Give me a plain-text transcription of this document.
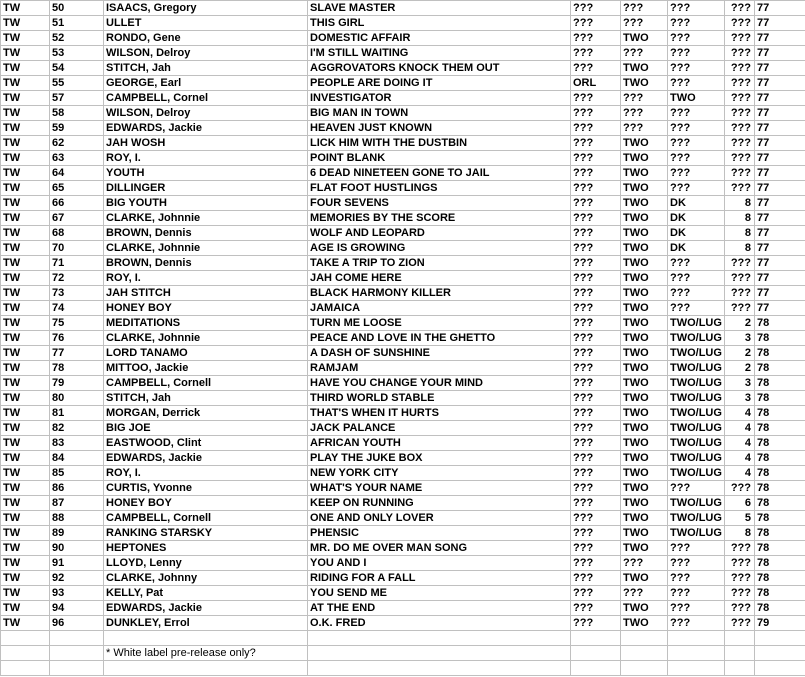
TW	50	ISAACS, Gregory	SLAVE MASTER	???	???	???	???	77
TW	51	ULLET	THIS GIRL	???	???	???	???	77
TW	52	RONDO, Gene	DOMESTIC AFFAIR	???	TWO	???	???	77
TW	53	WILSON, Delroy	I'M STILL WAITING	???	???	???	???	77
TW	54	STITCH, Jah	AGGROVATORS KNOCK THEM OUT	???	TWO	???	???	77
TW	55	GEORGE, Earl	PEOPLE ARE DOING IT	ORL	TWO	???	???	77
TW	57	CAMPBELL, Cornel	INVESTIGATOR	???	???	TWO	???	77
TW	58	WILSON, Delroy	BIG MAN IN TOWN	???	???	???	???	77
TW	59	EDWARDS, Jackie	HEAVEN JUST KNOWN	???	???	???	???	77
TW	62	JAH WOSH	LICK HIM WITH THE DUSTBIN	???	TWO	???	???	77
TW	63	ROY, I.	POINT BLANK	???	TWO	???	???	77
TW	64	YOUTH	6 DEAD NINETEEN GONE TO JAIL	???	TWO	???	???	77
TW	65	DILLINGER	FLAT FOOT HUSTLINGS	???	TWO	???	???	77
TW	66	BIG YOUTH	FOUR SEVENS	???	TWO	DK	8	77
TW	67	CLARKE, Johnnie	MEMORIES BY THE SCORE	???	TWO	DK	8	77
TW	68	BROWN, Dennis	WOLF AND LEOPARD	???	TWO	DK	8	77
TW	70	CLARKE, Johnnie	AGE IS GROWING	???	TWO	DK	8	77
TW	71	BROWN, Dennis	TAKE A TRIP TO ZION	???	TWO	???	???	77
TW	72	ROY, I.	JAH COME HERE	???	TWO	???	???	77
TW	73	JAH STITCH	BLACK HARMONY KILLER	???	TWO	???	???	77
TW	74	HONEY BOY	JAMAICA	???	TWO	???	???	77
TW	75	MEDITATIONS	TURN ME LOOSE	???	TWO	TWO/LUG	2	78
TW	76	CLARKE, Johnnie	PEACE AND LOVE IN THE GHETTO	???	TWO	TWO/LUG	3	78
TW	77	LORD TANAMO	A DASH OF SUNSHINE	???	TWO	TWO/LUG	2	78
TW	78	MITTOO, Jackie	RAMJAM	???	TWO	TWO/LUG	2	78
TW	79	CAMPBELL, Cornell	HAVE YOU CHANGE YOUR MIND	???	TWO	TWO/LUG	3	78
TW	80	STITCH, Jah	THIRD WORLD STABLE	???	TWO	TWO/LUG	3	78
TW	81	MORGAN, Derrick	THAT'S WHEN IT HURTS	???	TWO	TWO/LUG	4	78
TW	82	BIG JOE	JACK PALANCE	???	TWO	TWO/LUG	4	78
TW	83	EASTWOOD, Clint	AFRICAN YOUTH	???	TWO	TWO/LUG	4	78
TW	84	EDWARDS, Jackie	PLAY THE JUKE BOX	???	TWO	TWO/LUG	4	78
TW	85	ROY, I.	NEW YORK CITY	???	TWO	TWO/LUG	4	78
TW	86	CURTIS, Yvonne	WHAT'S YOUR NAME	???	TWO	???	???	78
TW	87	HONEY BOY	KEEP ON RUNNING	???	TWO	TWO/LUG	6	78
TW	88	CAMPBELL, Cornell	ONE AND ONLY LOVER	???	TWO	TWO/LUG	5	78
TW	89	RANKING STARSKY	PHENSIC	???	TWO	TWO/LUG	8	78
TW	90	HEPTONES	MR. DO ME OVER MAN SONG	???	TWO	???	???	78
TW	91	LLOYD, Lenny	YOU AND I	???	???	???	???	78
TW	92	CLARKE, Johnny	RIDING FOR A FALL	???	TWO	???	???	78
TW	93	KELLY, Pat	YOU SEND ME	???	???	???	???	78
TW	94	EDWARDS, Jackie	AT THE END	???	TWO	???	???	78
TW	96	DUNKLEY, Errol	O.K. FRED	???	TWO	???	???	79

		* White label pre-release only?						
